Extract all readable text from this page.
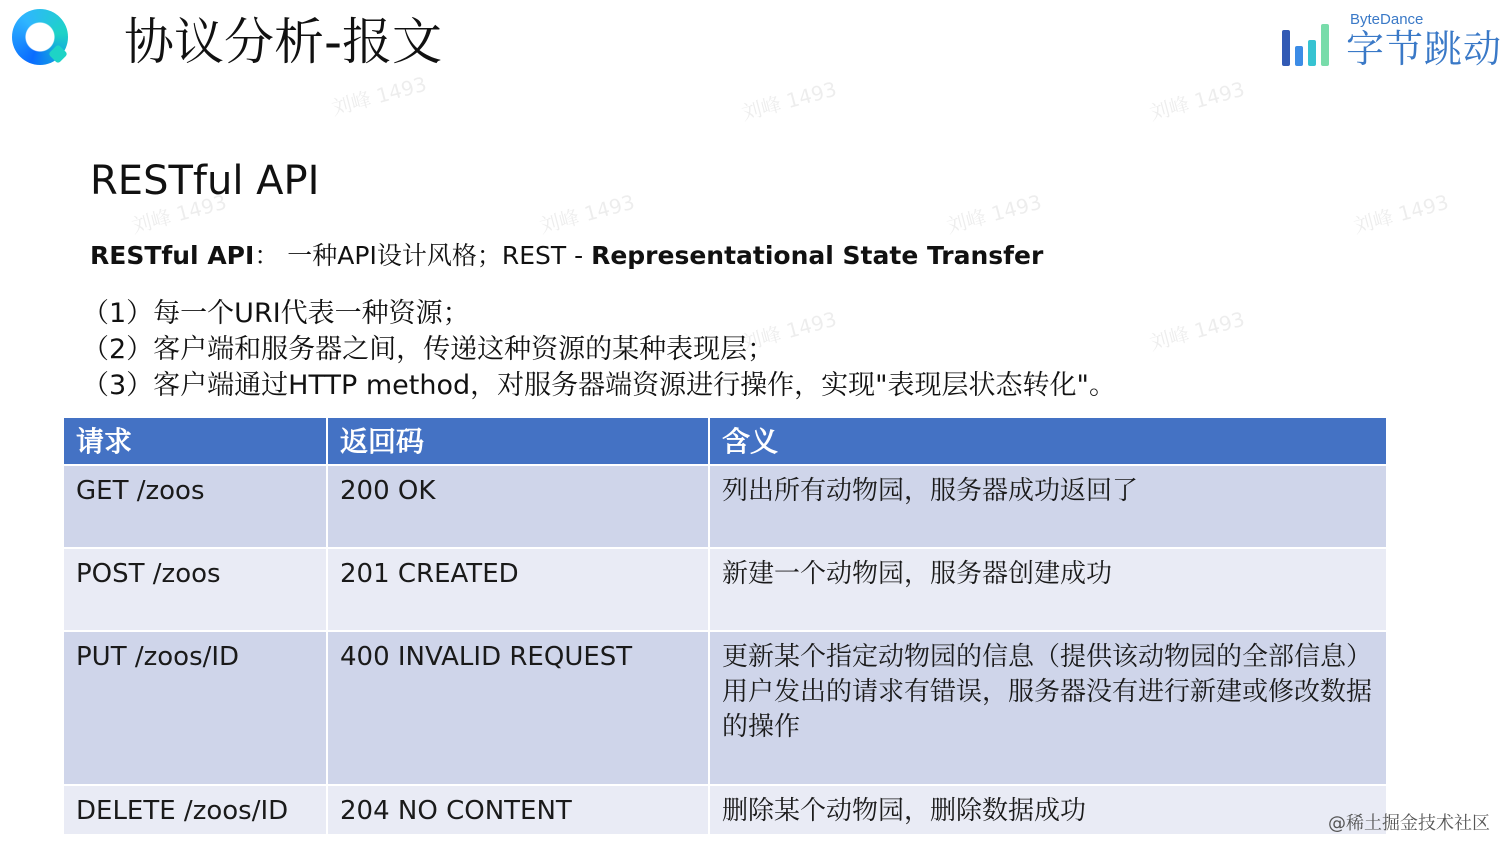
协议分析-报文	ByteDance
字节跳动
刘峰 1493	刘峰 1493	刘峰 1493
刘峰 1493	刘峰 1493	刘峰 1493	刘峰 1493
刘峰 1493	刘峰 1493
RESTful API
RESTful API： 一种API设计风格；REST - Representational State Transfer
（1）每一个URI代表一种资源；
（2）客户端和服务器之间，传递这种资源的某种表现层；
（3）客户端通过HTTP method，对服务器端资源进行操作，实现"表现层状态转化"。
请求	返回码	含义
GET /zoos	200 OK	列出所有动物园，服务器成功返回了
POST /zoos	201 CREATED	新建一个动物园，服务器创建成功
PUT /zoos/ID	400 INVALID REQUEST	更新某个指定动物园的信息（提供该动物园的全部信息）
用户发出的请求有错误，服务器没有进行新建或修改数据的操作

DELETE /zoos/ID	204 NO CONTENT	删除某个动物园，删除数据成功	@稀土掘金技术社区
